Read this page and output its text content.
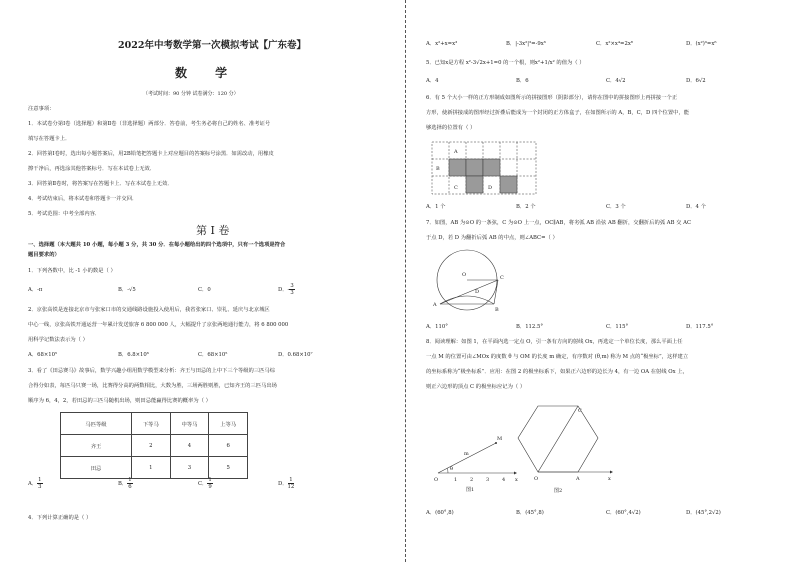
2022年中考数学第一次模拟考试【广东卷】
数 学
（考试时间：90 分钟 试卷满分：120 分）
注意事项：
1．本试卷分第Ⅰ卷（选择题）和第Ⅱ卷（非选择题）两部分．答卷前，考生务必将自己的姓名、准考证号
填写在答题卡上．
2．回答第Ⅰ卷时，选出每小题答案后，用2B铅笔把答题卡上对应题目的答案标号涂黑．如需改动，用橡皮
擦干净后，再选涂其他答案标号．写在本试卷上无效．
3．回答第Ⅱ卷时，将答案写在答题卡上．写在本试卷上无效．
4．考试结束后，将本试卷和答题卡一并交回．
5．考试范围：中考全部内容．
第 Ⅰ 卷
一、选择题（本大题共 10 小题，每小题 3 分，共 30 分．在每小题给出的四个选项中，只有一个选项是符合
题目要求的）
1．下列各数中，比 -1 小的数是（ ）
A．-π	B．-√5	C．0	D．- $\frac{3}{3}$
2．京张高铁是连接北京市与张家口市的交通线路设施投入使用后，我省张家口、崇礼、延庆与北京城区
中心一线，京张高铁开通运营一年累计发送旅客 6 800 000 人，大幅提升了京张两地通行能力，将 6 800 000
用科学记数法表示为（ ）
A．68×10⁵	B．6.8×10⁶	C．68×10⁵	D．0.68×10⁷
3．看了《田忌赛马》故事后，数学兴趣小组用数学模型来分析：齐王与田忌的上中下三个等级的三匹马综
合得分如表，每匹马只赛一场，比赛得分高的两数相比，大数为胜，三场两胜则胜，已知齐王的三匹马出场
顺序为 6，4，2，若田忌的三匹马随机出场，则田忌能赢得比赛的概率为（ ）
马匹等级	下等马	中等马	上等马
齐王	2	4	6
田忌	1	3	5
A． $\frac{1}{3}$	B． $\frac{1}{6}$	C． $\frac{1}{9}$	D． $\frac{1}{12}$
4．下列计算正确的是（ ）
A．x²+x=x³	B．|-3x²|³=-9x⁶	C．x²×x⁴=2x⁸	D．(x²)³=x⁶
5．已知x是方程 x²-3√2x+1=0 的一个根，则x²+1/x² 的值为（ ）
A．4	B．6	C．4√2	D．6√2
6．有 5 个大小一样的正方形制成如图所示的拼接图形（阴影部分），请你在图中的拼接图形上再拼接一个正
方形，使新拼接成的图形经过折叠后能成为一个封闭的正方体盒子，在如图所示的 A，B，C，D 四个位置中，能
够选择的位置有（ ）
A
B
C	D
A．1 个	B．2 个	C．3 个	D．4 个
7．如图，AB 为⊙O 的一条弦，C 为⊙O 上一点，OC∥AB，将劣弧 AB 沿弦 AB 翻折，交翻折后的弧 AB 交 AC
于点 D，若 D 为翻折后弧 AB 的中点，则∠ABC=（ ）
O	C
D
A
B
A．110°	B．112.5°	C．115°	D．117.5°
8．阅读理解：如图 1，在平面内选一定点 O，引一条有方向的射线 Ox，再选定一个单位长度，那么平面上任
一点 M 的位置可由∠MOx 的度数 θ 与 OM 的长度 m 确定，有序数对 (θ,m) 称为 M 点的“极坐标”，这样建立
的坐标系称为“极坐标系”．应用：在图 2 的极坐标系下，如果正六边形的边长为 4，有一边 OA 在射线 Ox 上，
则正六边形的顶点 C 的极坐标应记为（ ）
M
m
θ
O	1	2	3	4 x
图1
C
O	A	x
图2
A．(60°,8)	B．(45°,8)	C．(60°,4√2)	D．(45°,2√2)
